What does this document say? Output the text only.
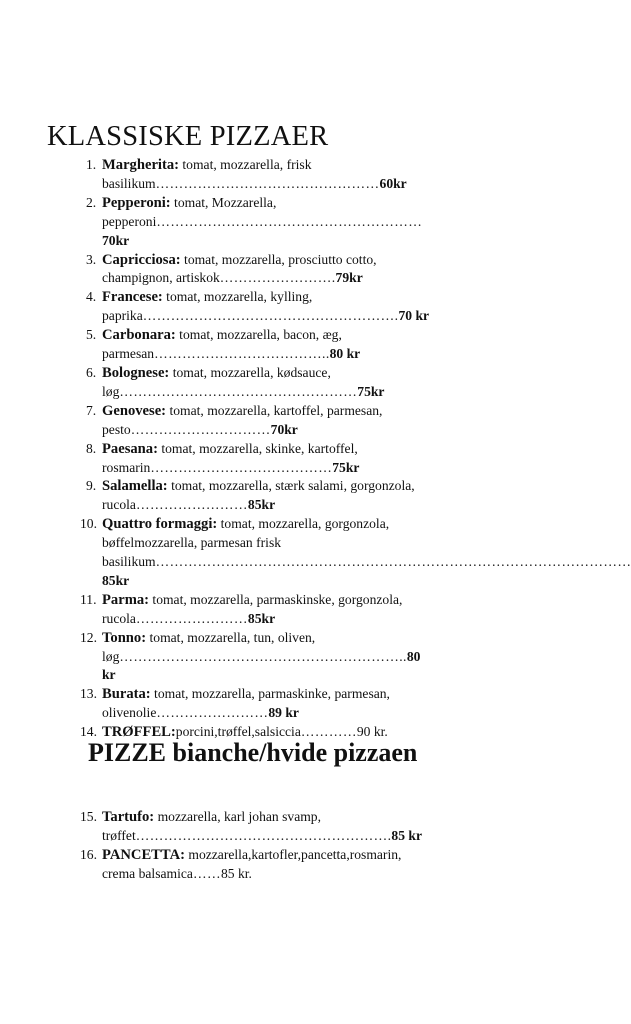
KLASSISKE PIZZAER
1. Margherita: tomat, mozzarella, frisk basilikum…………………………………………60kr
2. Pepperoni: tomat, Mozzarella, pepperoni…………………………………………………70kr
3. Capricciosa: tomat, mozzarella, prosciutto cotto, champignon, artiskok…………………….79kr
4. Francese: tomat, mozzarella, kylling, paprika……………………………………………….70 kr
5. Carbonara: tomat, mozzarella, bacon, æg, parmesan………………………………..80 kr
6. Bolognese: tomat, mozzarella, kødsauce, løg……………………………………………75kr
7. Genovese: tomat, mozzarella, kartoffel, parmesan, pesto…………………………70kr
8. Paesana: tomat, mozzarella, skinke, kartoffel, rosmarin…………………………………75kr
9. Salamella: tomat, mozzarella, stærk salami, gorgonzola, rucola……………………85kr
10. Quattro formaggi: tomat, mozzarella, gorgonzola, bøffelmozzarella, parmesan frisk basilikum…………………………………………………………………………………………85kr
11. Parma: tomat, mozzarella, parmaskinske, gorgonzola, rucola……………………85kr
12. Tonno: tomat, mozzarella, tun, oliven, løg……………………………………………………..80 kr
13. Burata: tomat, mozzarella, parmaskinke, parmesan, olivenolie……………………89 kr
14. TRØFFEL:porcini,trøffel,salsiccia…………90 kr.
PIZZE bianche/hvide pizzaen
15. Tartufo: mozzarella, karl johan svamp, trøffet……………………………………………….85 kr
16. PANCETTA: mozzarella,kartofler,pancetta,rosmarin, crema balsamica……85 kr.
